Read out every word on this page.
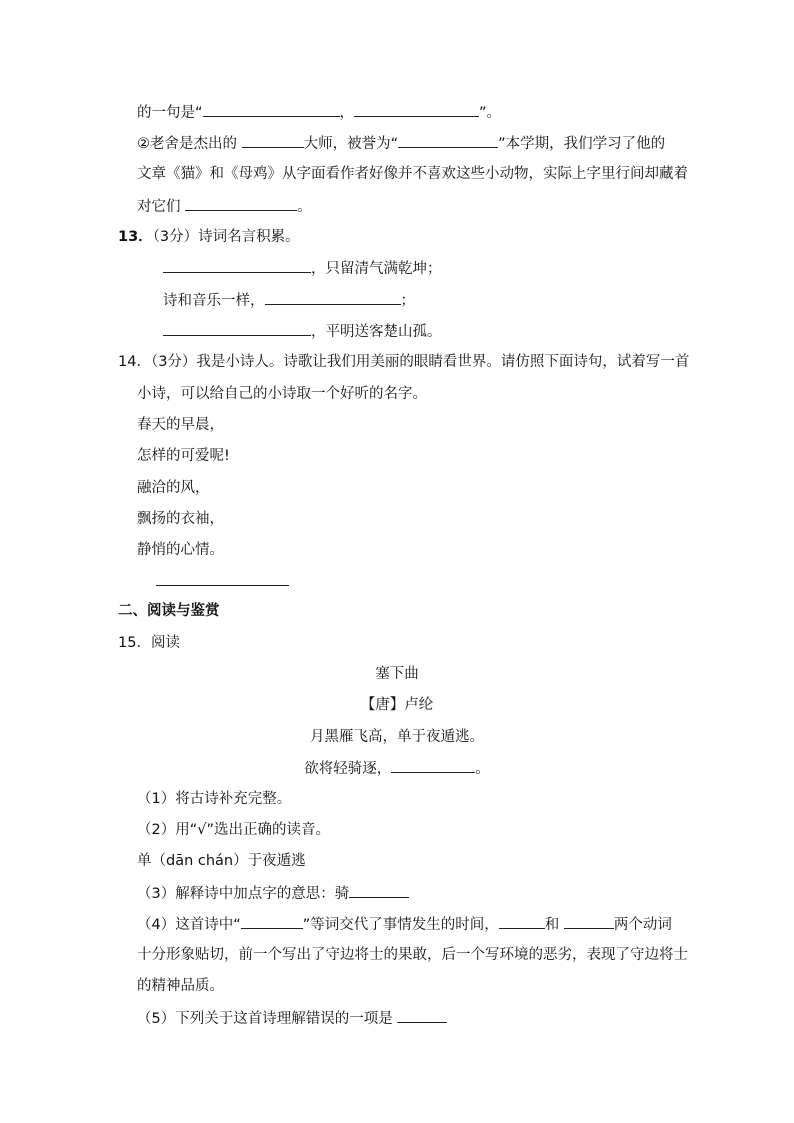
的一句是“	，	”。
②老舍是杰出的	大师，被誉为“	”本学期，我们学习了他的
文章《猫》和《母鸡》从字面看作者好像并不喜欢这些小动物，实际上字里行间却藏着
对它们	。
13．（3分）诗词名言积累。
，只留清气满乾坤；
诗和音乐一样，	；
，平明送客楚山孤。
14．（3分）我是小诗人。诗歌让我们用美丽的眼睛看世界。请仿照下面诗句，试着写一首
小诗，可以给自己的小诗取一个好听的名字。
春天的早晨，
怎样的可爱呢!
融洽的风，
飘扬的衣袖，
静悄的心情。
二、阅读与鉴赏
15．阅读
塞下曲
【唐】卢纶
月黑雁飞高，单于夜遁逃。
欲将轻骑逐，	。
（1）将古诗补充完整。
（2）用“√”选出正确的读音。
单（dān chán）于夜遁逃
（3）解释诗中加点字的意思：骑
（4）这首诗中“	”等词交代了事情发生的时间，	和	两个动词
十分形象贴切，前一个写出了守边将士的果敢，后一个写环境的恶劣，表现了守边将士
的精神品质。
（5）下列关于这首诗理解错误的一项是
